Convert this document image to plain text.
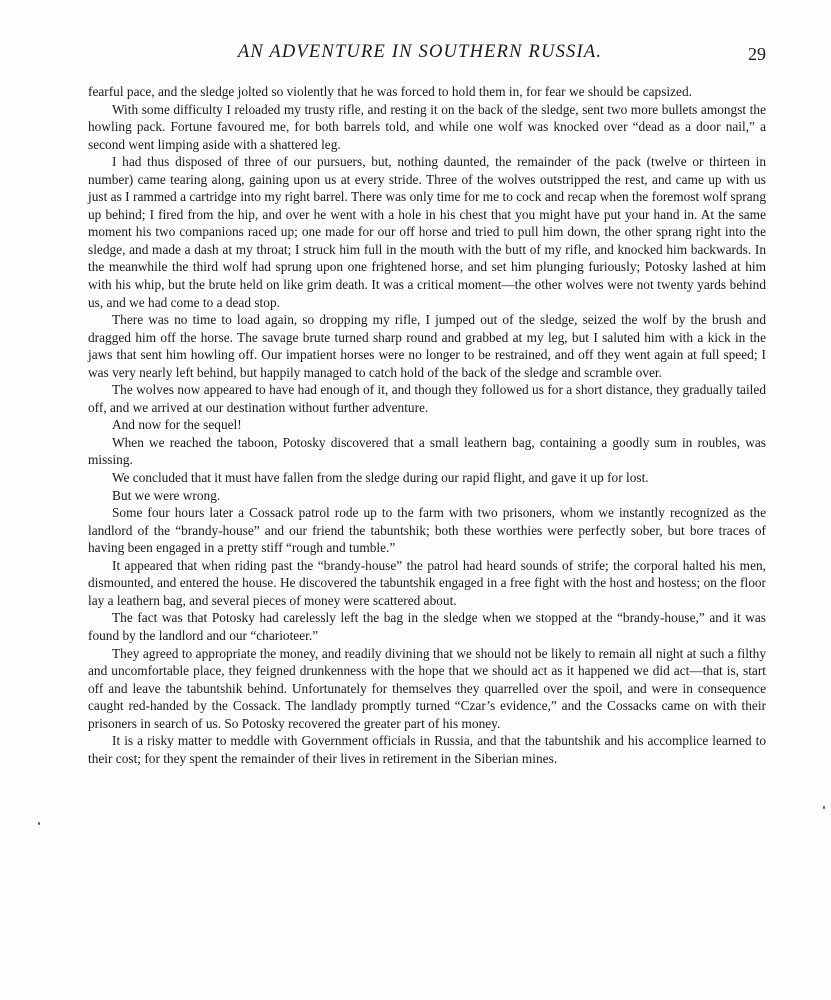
AN ADVENTURE IN SOUTHERN RUSSIA.	29

fearful pace, and the sledge jolted so violently that he was forced to hold them in, for fear we should be capsized.

With some difficulty I reloaded my trusty rifle, and resting it on the back of the sledge, sent two more bullets amongst the howling pack. Fortune favoured me, for both barrels told, and while one wolf was knocked over “dead as a door nail,” a second went limping aside with a shattered leg.

I had thus disposed of three of our pursuers, but, nothing daunted, the remainder of the pack (twelve or thirteen in number) came tearing along, gaining upon us at every stride. Three of the wolves outstripped the rest, and came up with us just as I rammed a cartridge into my right barrel. There was only time for me to cock and recap when the foremost wolf sprang up behind; I fired from the hip, and over he went with a hole in his chest that you might have put your hand in. At the same moment his two companions raced up; one made for our off horse and tried to pull him down, the other sprang right into the sledge, and made a dash at my throat; I struck him full in the mouth with the butt of my rifle, and knocked him backwards. In the meanwhile the third wolf had sprung upon one frightened horse, and set him plunging furiously; Potosky lashed at him with his whip, but the brute held on like grim death. It was a critical moment—the other wolves were not twenty yards behind us, and we had come to a dead stop.

There was no time to load again, so dropping my rifle, I jumped out of the sledge, seized the wolf by the brush and dragged him off the horse. The savage brute turned sharp round and grabbed at my leg, but I saluted him with a kick in the jaws that sent him howling off. Our impatient horses were no longer to be restrained, and off they went again at full speed; I was very nearly left behind, but happily managed to catch hold of the back of the sledge and scramble over.

The wolves now appeared to have had enough of it, and though they followed us for a short distance, they gradually tailed off, and we arrived at our destination without further adventure.

And now for the sequel!

When we reached the taboon, Potosky discovered that a small leathern bag, containing a goodly sum in roubles, was missing.

We concluded that it must have fallen from the sledge during our rapid flight, and gave it up for lost.

But we were wrong.

Some four hours later a Cossack patrol rode up to the farm with two prisoners, whom we instantly recognized as the landlord of the “brandy-house” and our friend the tabuntshik; both these worthies were perfectly sober, but bore traces of having been engaged in a pretty stiff “rough and tumble.”

It appeared that when riding past the “brandy-house” the patrol had heard sounds of strife; the corporal halted his men, dismounted, and entered the house. He discovered the tabuntshik engaged in a free fight with the host and hostess; on the floor lay a leathern bag, and several pieces of money were scattered about.

The fact was that Potosky had carelessly left the bag in the sledge when we stopped at the “brandy-house,” and it was found by the landlord and our “charioteer.”

They agreed to appropriate the money, and readily divining that we should not be likely to remain all night at such a filthy and uncomfortable place, they feigned drunkenness with the hope that we should act as it happened we did act—that is, start off and leave the tabuntshik behind. Unfortunately for themselves they quarrelled over the spoil, and were in consequence caught red-handed by the Cossack. The landlady promptly turned “Czar’s evidence,” and the Cossacks came on with their prisoners in search of us. So Potosky recovered the greater part of his money.

It is a risky matter to meddle with Government officials in Russia, and that the tabuntshik and his accomplice learned to their cost; for they spent the remainder of their lives in retirement in the Siberian mines.
